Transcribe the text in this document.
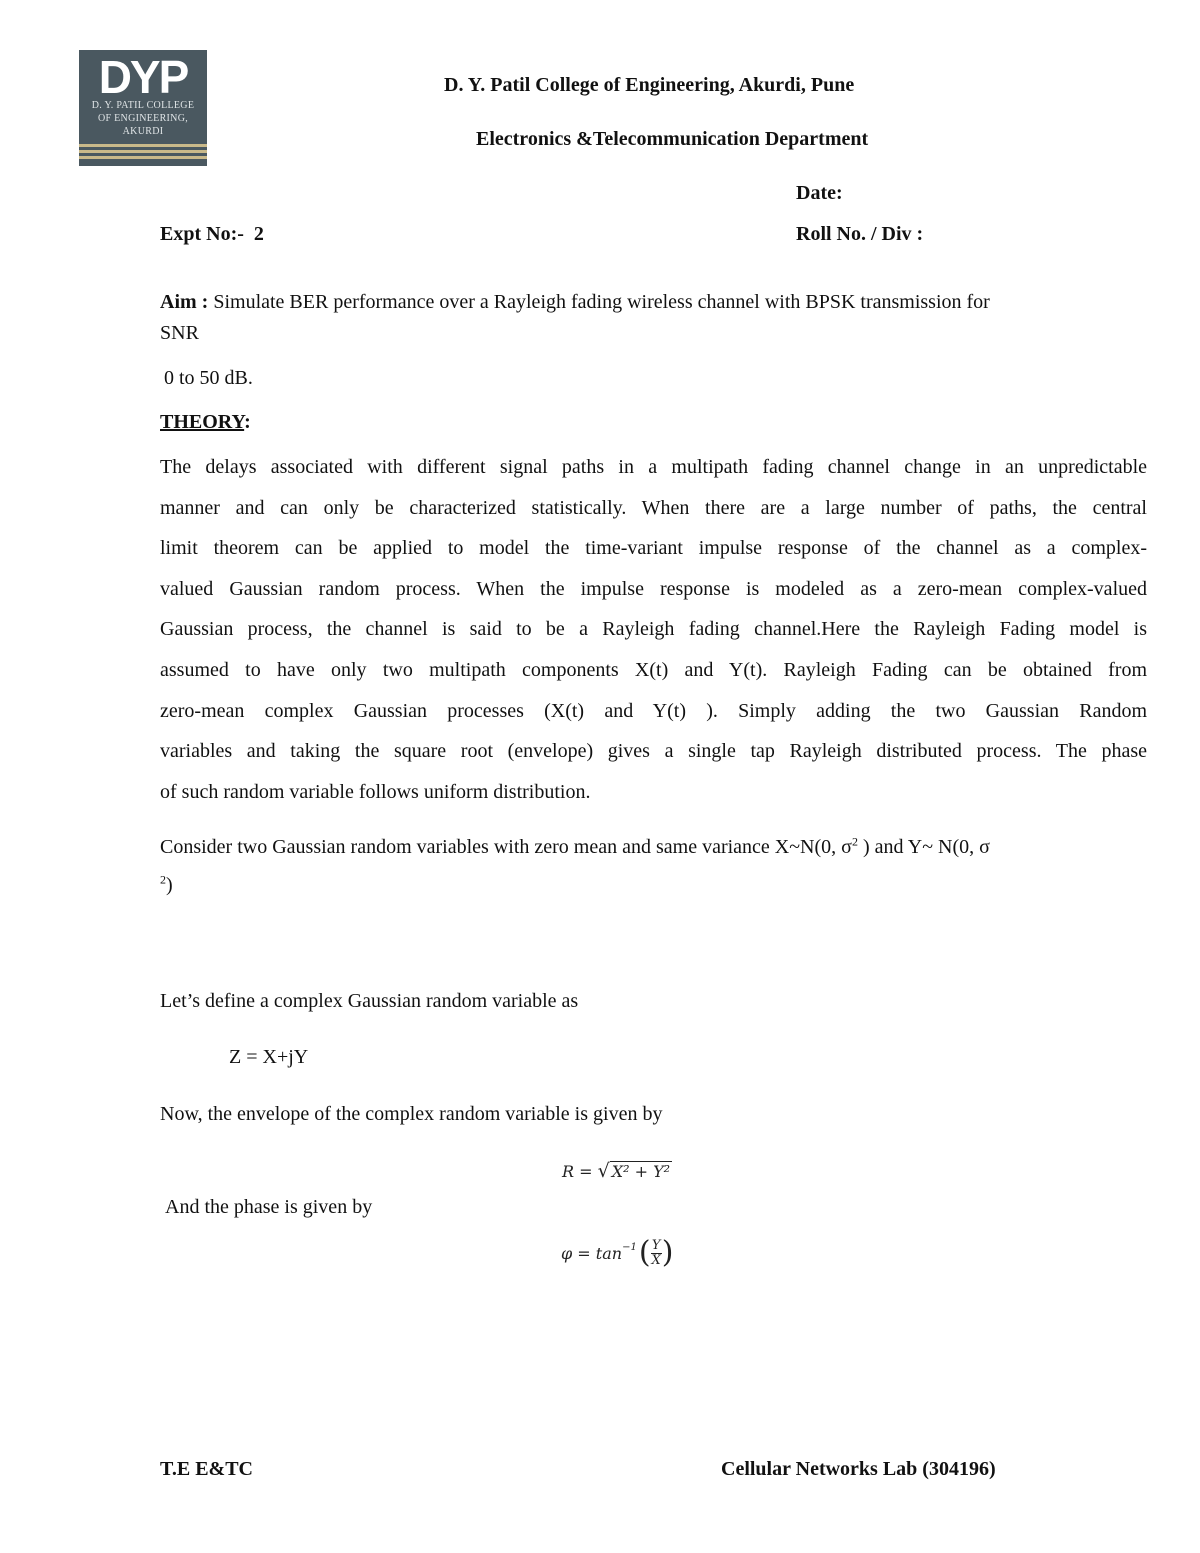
DYP
D. Y. PATIL COLLEGE
OF ENGINEERING,
AKURDI
D. Y. Patil College of Engineering, Akurdi, Pune
Electronics &Telecommunication Department
Date:
Expt No:- 2	Roll No. / Div :
Aim : Simulate BER performance over a Rayleigh fading wireless channel with BPSK transmission for
SNR
0 to 50 dB.
THEORY:
The delays associated with different signal paths in a multipath fading channel change in an unpredictable
manner and can only be characterized statistically. When there are a large number of paths, the central
limit theorem can be applied to model the time-variant impulse response of the channel as a complex-
valued Gaussian random process. When the impulse response is modeled as a zero-mean complex-valued
Gaussian process, the channel is said to be a Rayleigh fading channel.Here the Rayleigh Fading model is
assumed to have only two multipath components X(t) and Y(t). Rayleigh Fading can be obtained from
zero-mean complex Gaussian processes (X(t) and Y(t) ). Simply adding the two Gaussian Random
variables and taking the square root (envelope) gives a single tap Rayleigh distributed process. The phase
of such random variable follows uniform distribution.
Consider two Gaussian random variables with zero mean and same variance X~N(0, $\sigma^2$ ) and Y~ N(0, σ
$^2$)
Let’s define a complex Gaussian random variable as
Z = X+jY
Now, the envelope of the complex random variable is given by
R = √ X² + Y²
And the phase is given by
$\varphi = \tan^{-1}$ ( $\frac{Y}{X}$ )
T.E E&TC	Cellular Networks Lab (304196)
